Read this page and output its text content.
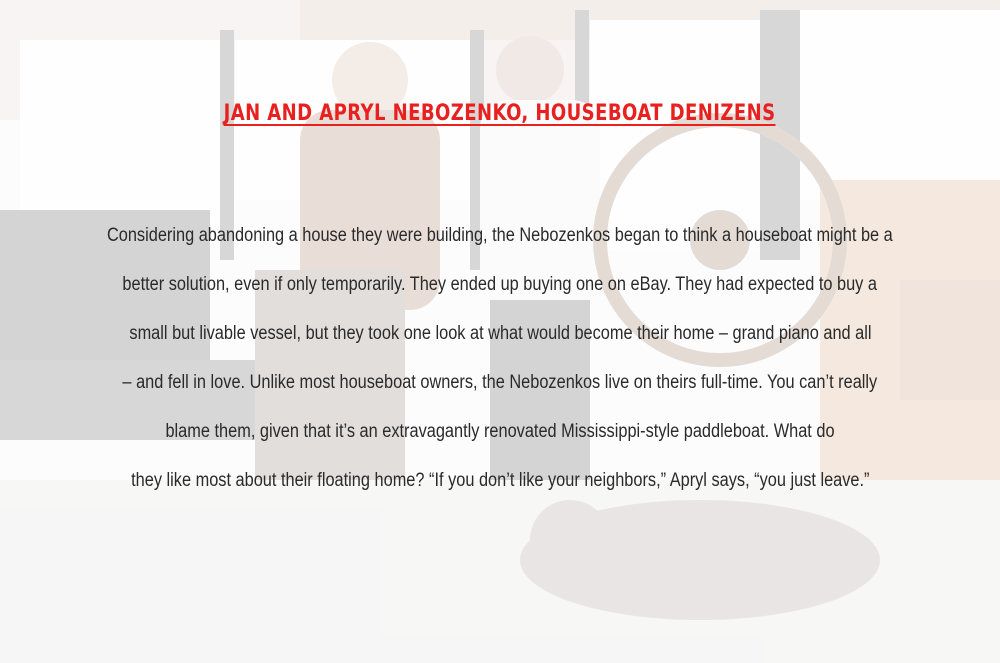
JAN AND APRYL NEBOZENKO, HOUSEBOAT DENIZENS
Considering abandoning a house they were building, the Nebozenkos began to think a houseboat might be a
better solution, even if only temporarily. They ended up buying one on eBay. They had expected to buy a
small but livable vessel, but they took one look at what would become their home – grand piano and all
– and fell in love. Unlike most houseboat owners, the Nebozenkos live on theirs full-time. You can’t really
blame them, given that it’s an extravagantly renovated Mississippi-style paddleboat. What do
they like most about their floating home? “If you don’t like your neighbors,” Apryl says, “you just leave.”
